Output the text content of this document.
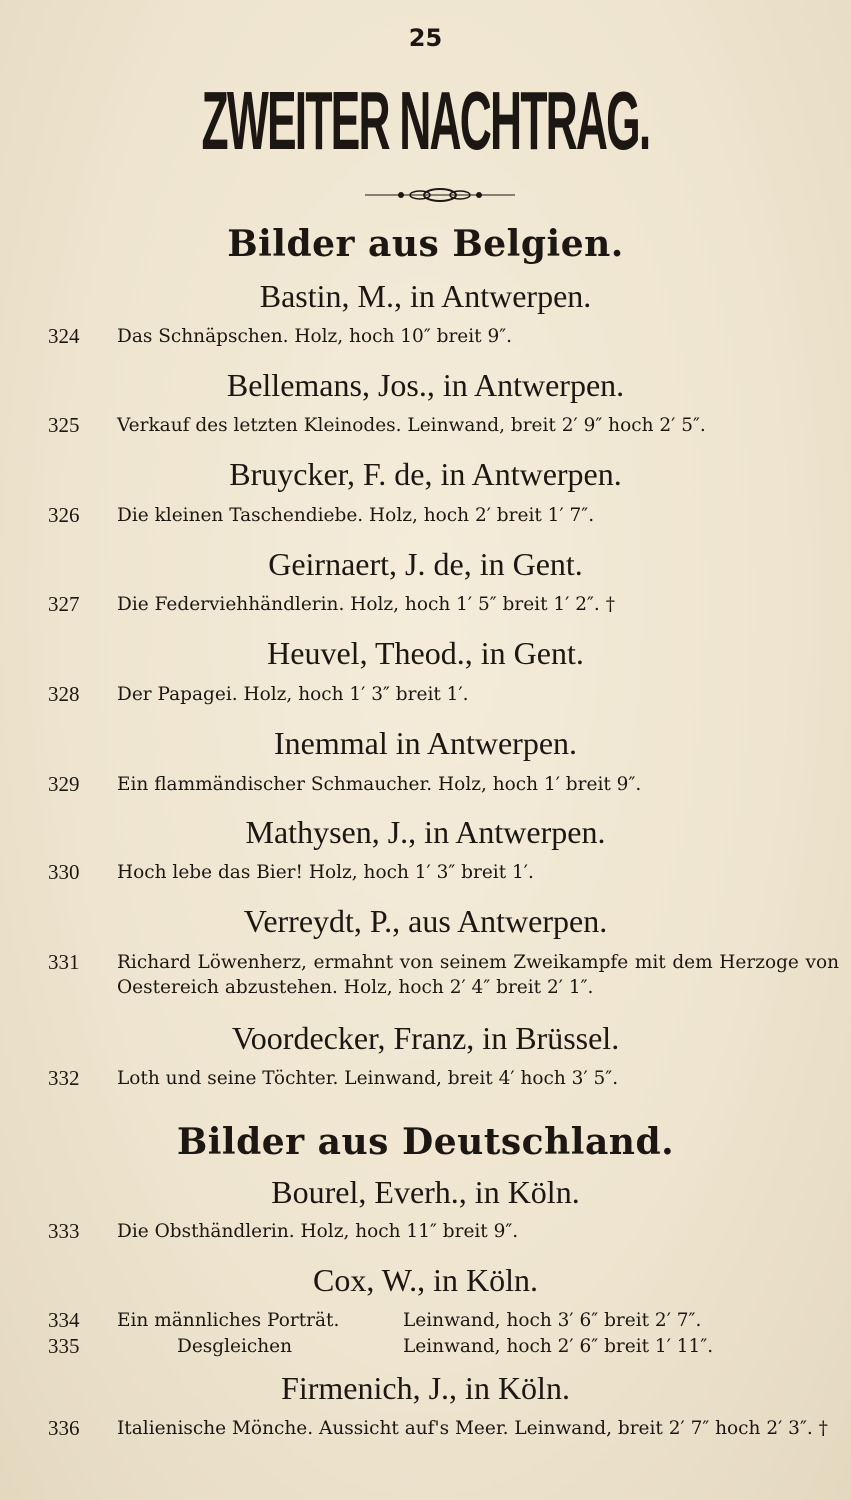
25
ZWEITER NACHTRAG.
Bilder aus Belgien.
Bastin, M., in Antwerpen.
324	Das Schnäpschen. Holz, hoch 10″ breit 9″.
Bellemans, Jos., in Antwerpen.
325	Verkauf des letzten Kleinodes. Leinwand, breit 2′ 9″ hoch 2′ 5″.
Bruycker, F. de, in Antwerpen.
326	Die kleinen Taschendiebe. Holz, hoch 2′ breit 1′ 7″.
Geirnaert, J. de, in Gent.
327	Die Federviehhändlerin. Holz, hoch 1′ 5″ breit 1′ 2″. †
Heuvel, Theod., in Gent.
328	Der Papagei. Holz, hoch 1′ 3″ breit 1′.
Inemmal in Antwerpen.
329	Ein flammändischer Schmaucher. Holz, hoch 1′ breit 9″.
Mathysen, J., in Antwerpen.
330	Hoch lebe das Bier! Holz, hoch 1′ 3″ breit 1′.
Verreydt, P., aus Antwerpen.
331	Richard Löwenherz, ermahnt von seinem Zweikampfe mit dem Herzoge von Oestereich abzustehen. Holz, hoch 2′ 4″ breit 2′ 1″.
Voordecker, Franz, in Brüssel.
332	Loth und seine Töchter. Leinwand, breit 4′ hoch 3′ 5″.
Bilder aus Deutschland.
Bourel, Everh., in Köln.
333	Die Obsthändlerin. Holz, hoch 11″ breit 9″.
Cox, W., in Köln.
334	Ein männliches Porträt.	Leinwand, hoch 3′ 6″ breit 2′ 7″.
335	Desgleichen	Leinwand, hoch 2′ 6″ breit 1′ 11″.
Firmenich, J., in Köln.
336	Italienische Mönche. Aussicht auf's Meer. Leinwand, breit 2′ 7″ hoch 2′ 3″. †
